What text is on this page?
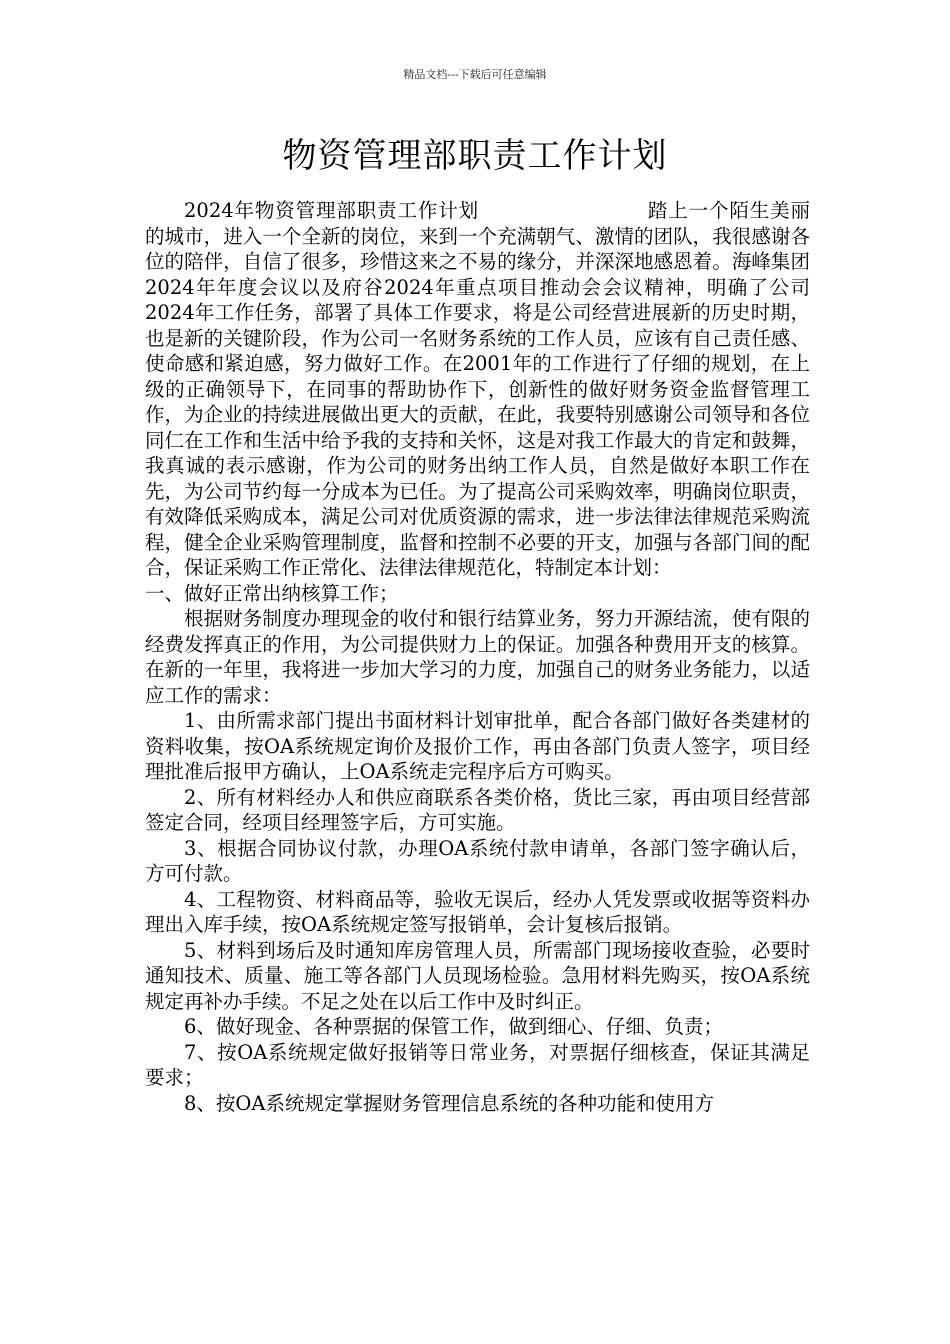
精品文档---下载后可任意编辑
物资管理部职责工作计划

2024年物资管理部职责工作计划	踏上一个陌生美丽的城市，进入一个全新的岗位，来到一个充满朝气、激情的团队，我很感谢各位的陪伴，自信了很多，珍惜这来之不易的缘分，并深深地感恩着。海峰集团2024年年度会议以及府谷2024年重点项目推动会会议精神，明确了公司2024年工作任务，部署了具体工作要求，将是公司经营进展新的历史时期，也是新的关键阶段，作为公司一名财务系统的工作人员，应该有自己责任感、使命感和紧迫感，努力做好工作。在2001年的工作进行了仔细的规划，在上级的正确领导下，在同事的帮助协作下，创新性的做好财务资金监督管理工作，为企业的持续进展做出更大的贡献，在此，我要特别感谢公司领导和各位同仁在工作和生活中给予我的支持和关怀，这是对我工作最大的肯定和鼓舞，我真诚的表示感谢，作为公司的财务出纳工作人员，自然是做好本职工作在先，为公司节约每一分成本为已任。为了提高公司采购效率，明确岗位职责，有效降低采购成本，满足公司对优质资源的需求，进一步法律法律规范采购流程，健全企业采购管理制度，监督和控制不必要的开支，加强与各部门间的配合，保证采购工作正常化、法律法律规范化，特制定本计划：

一、做好正常出纳核算工作；

根据财务制度办理现金的收付和银行结算业务，努力开源结流，使有限的经费发挥真正的作用，为公司提供财力上的保证。加强各种费用开支的核算。在新的一年里，我将进一步加大学习的力度，加强自己的财务业务能力，以适应工作的需求：

1、由所需求部门提出书面材料计划审批单，配合各部门做好各类建材的资料收集，按OA系统规定询价及报价工作，再由各部门负责人签字，项目经理批准后报甲方确认，上OA系统走完程序后方可购买。

2、所有材料经办人和供应商联系各类价格，货比三家，再由项目经营部签定合同，经项目经理签字后，方可实施。

3、根据合同协议付款，办理OA系统付款申请单，各部门签字确认后，方可付款。

4、工程物资、材料商品等，验收无误后，经办人凭发票或收据等资料办理出入库手续，按OA系统规定签写报销单，会计复核后报销。

5、材料到场后及时通知库房管理人员，所需部门现场接收查验，必要时通知技术、质量、施工等各部门人员现场检验。急用材料先购买，按OA系统规定再补办手续。不足之处在以后工作中及时纠正。

6、做好现金、各种票据的保管工作，做到细心、仔细、负责；

7、按OA系统规定做好报销等日常业务，对票据仔细核查，保证其满足要求；

8、按OA系统规定掌握财务管理信息系统的各种功能和使用方
